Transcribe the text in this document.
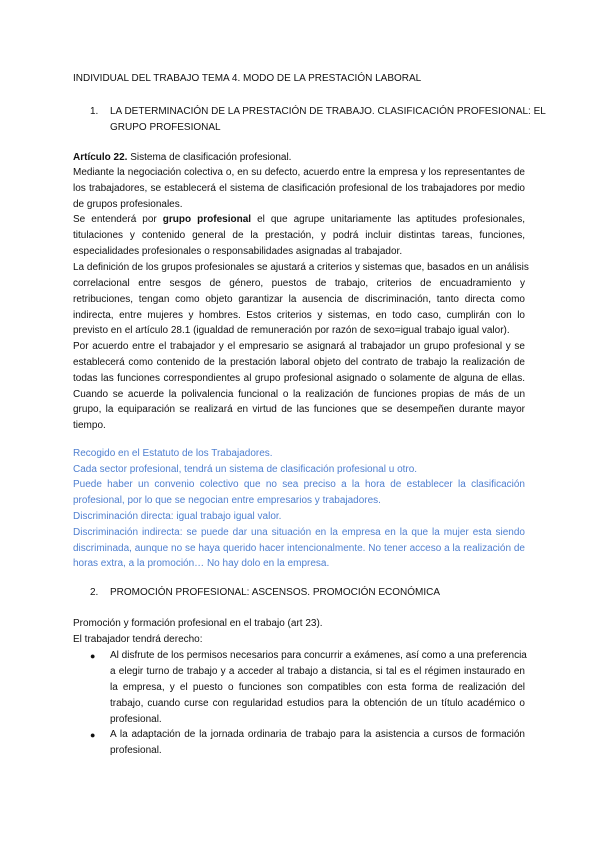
INDIVIDUAL DEL TRABAJO TEMA 4. MODO DE LA PRESTACIÓN LABORAL
1. LA DETERMINACIÓN DE LA PRESTACIÓN DE TRABAJO. CLASIFICACIÓN PROFESIONAL: EL
GRUPO PROFESIONAL
Artículo 22. Sistema de clasificación profesional.
Mediante la negociación colectiva o, en su defecto, acuerdo entre la empresa y los representantes de
los trabajadores, se establecerá el sistema de clasificación profesional de los trabajadores por medio
de grupos profesionales.
Se entenderá por grupo profesional el que agrupe unitariamente las aptitudes profesionales,
titulaciones y contenido general de la prestación, y podrá incluir distintas tareas, funciones,
especialidades profesionales o responsabilidades asignadas al trabajador.
La definición de los grupos profesionales se ajustará a criterios y sistemas que, basados en un análisis
correlacional entre sesgos de género, puestos de trabajo, criterios de encuadramiento y
retribuciones, tengan como objeto garantizar la ausencia de discriminación, tanto directa como
indirecta, entre mujeres y hombres. Estos criterios y sistemas, en todo caso, cumplirán con lo
previsto en el artículo 28.1 (igualdad de remuneración por razón de sexo=igual trabajo igual valor).
Por acuerdo entre el trabajador y el empresario se asignará al trabajador un grupo profesional y se
establecerá como contenido de la prestación laboral objeto del contrato de trabajo la realización de
todas las funciones correspondientes al grupo profesional asignado o solamente de alguna de ellas.
Cuando se acuerde la polivalencia funcional o la realización de funciones propias de más de un
grupo, la equiparación se realizará en virtud de las funciones que se desempeñen durante mayor
tiempo.
Recogido en el Estatuto de los Trabajadores.
Cada sector profesional, tendrá un sistema de clasificación profesional u otro.
Puede haber un convenio colectivo que no sea preciso a la hora de establecer la clasificación
profesional, por lo que se negocian entre empresarios y trabajadores.
Discriminación directa: igual trabajo igual valor.
Discriminación indirecta: se puede dar una situación en la empresa en la que la mujer esta siendo
discriminada, aunque no se haya querido hacer intencionalmente. No tener acceso a la realización de
horas extra, a la promoción… No hay dolo en la empresa.
2. PROMOCIÓN PROFESIONAL: ASCENSOS. PROMOCIÓN ECONÓMICA
Promoción y formación profesional en el trabajo (art 23).
El trabajador tendrá derecho:
● Al disfrute de los permisos necesarios para concurrir a exámenes, así como a una preferencia
a elegir turno de trabajo y a acceder al trabajo a distancia, si tal es el régimen instaurado en
la empresa, y el puesto o funciones son compatibles con esta forma de realización del
trabajo, cuando curse con regularidad estudios para la obtención de un título académico o
profesional.
● A la adaptación de la jornada ordinaria de trabajo para la asistencia a cursos de formación
profesional.
